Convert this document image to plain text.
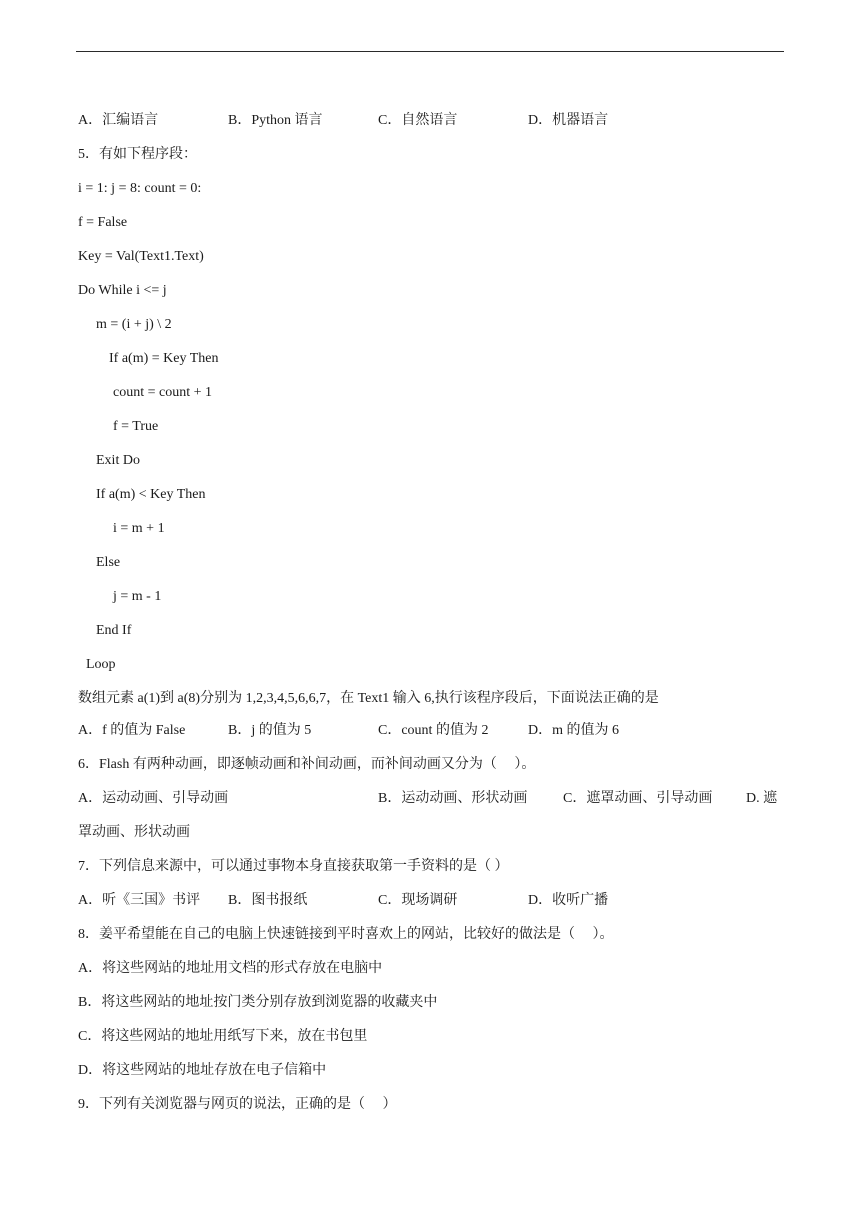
A．汇编语言	B．Python 语言	C．自然语言	D．机器语言
5．有如下程序段：
i = 1: j = 8: count = 0:
f = False
Key = Val(Text1.Text)
Do While i <= j
m = (i + j) \ 2
If a(m) = Key Then
count = count + 1
f = True
Exit Do
If a(m) < Key Then
i = m + 1
Else
j = m - 1
End If
Loop
数组元素 a(1)到 a(8)分别为 1,2,3,4,5,6,6,7，在 Text1 输入 6,执行该程序段后，下面说法正确的是
A．f 的值为 False	B．j 的值为 5	C．count 的值为 2	D．m 的值为 6
6．Flash 有两种动画，即逐帧动画和补间动画，而补间动画又分为（　 ）。
A．运动动画、引导动画	B．运动动画、形状动画	C．遮罩动画、引导动画 D. 遮
罩动画、形状动画
7．下列信息来源中，可以通过事物本身直接获取第一手资料的是（ ）
A．听《三国》书评 B．图书报纸	C．现场调研	D．收听广播
8．姜平希望能在自己的电脑上快速链接到平时喜欢上的网站，比较好的做法是（　 ）。
A．将这些网站的地址用文档的形式存放在电脑中
B．将这些网站的地址按门类分别存放到浏览器的收藏夹中
C．将这些网站的地址用纸写下来，放在书包里
D．将这些网站的地址存放在电子信箱中
9．下列有关浏览器与网页的说法，正确的是（　 ）
